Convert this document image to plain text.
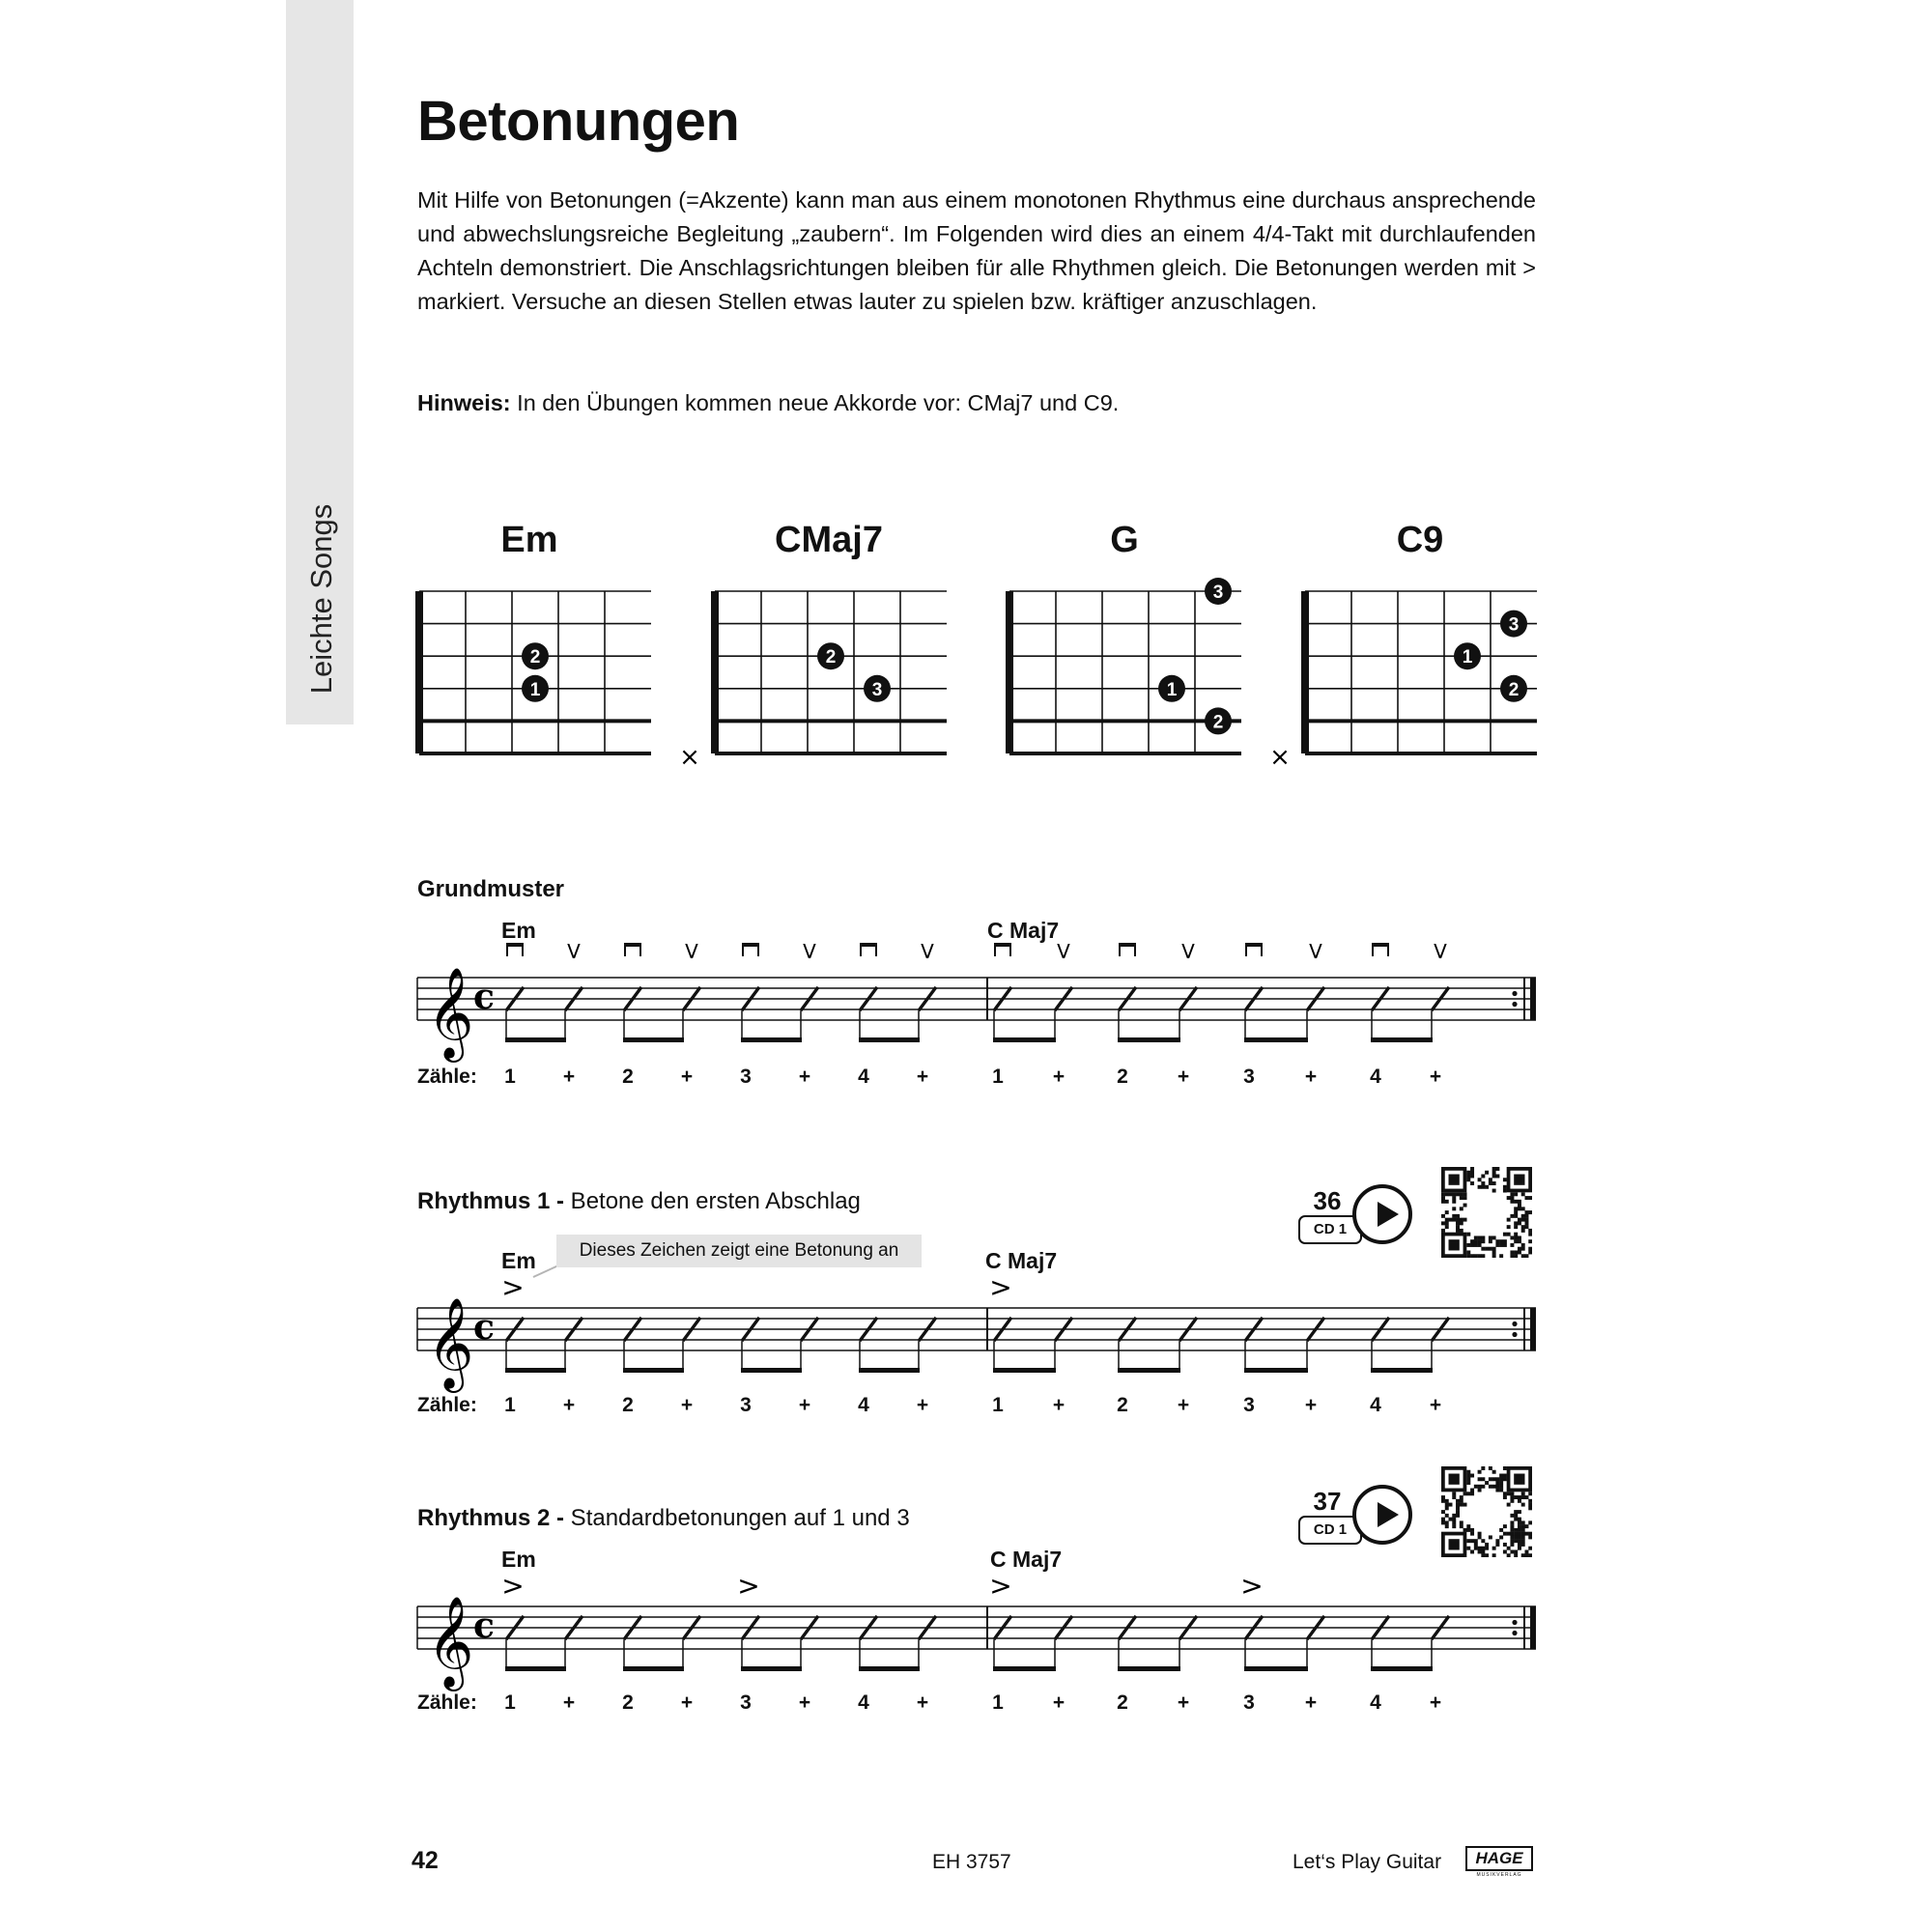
Leichte Songs
Betonungen
Mit Hilfe von Betonungen (=Akzente) kann man aus einem monotonen Rhythmus eine durchaus ansprechende und abwechslungsreiche Begleitung „zaubern“. Im Folgenden wird dies an einem 4/4-Takt mit durchlaufenden Achteln demonstriert. Die Anschlagsrichtungen bleiben für alle Rhythmen gleich. Die Betonungen werden mit > markiert. Versuche an diesen Stellen etwas lauter zu spielen bzw. kräftiger anzuschlagen.
Hinweis: In den Übungen kommen neue Akkorde vor: CMaj7 und C9.
Em	CMaj7	G	C9
2
1
×
2
3
3
1
2
×
3
1
2
𝄞 c
V	V	V	V	V	V	V	V
𝄞 c
>	>
𝄞 c
>	>	>	>
Grundmuster
Em	C Maj7
Zähle:
Rhythmus 1 - Betone den ersten Abschlag
Dieses Zeichen zeigt eine Betonung an
Em	C Maj7
Zähle:
36
CD 1
Rhythmus 2 - Standardbetonungen auf 1 und 3
Em	C Maj7
Zähle:
37
CD 1
1	+	2	+	3	+	4	+	1	+	2	+	3	+	4	+
1	+	2	+	3	+	4	+	1	+	2	+	3	+	4	+
1	+	2	+	3	+	4	+	1	+	2	+	3	+	4	+
42	EH 3757	Let‘s Play Guitar	HAGE
MUSIKVERLAG
